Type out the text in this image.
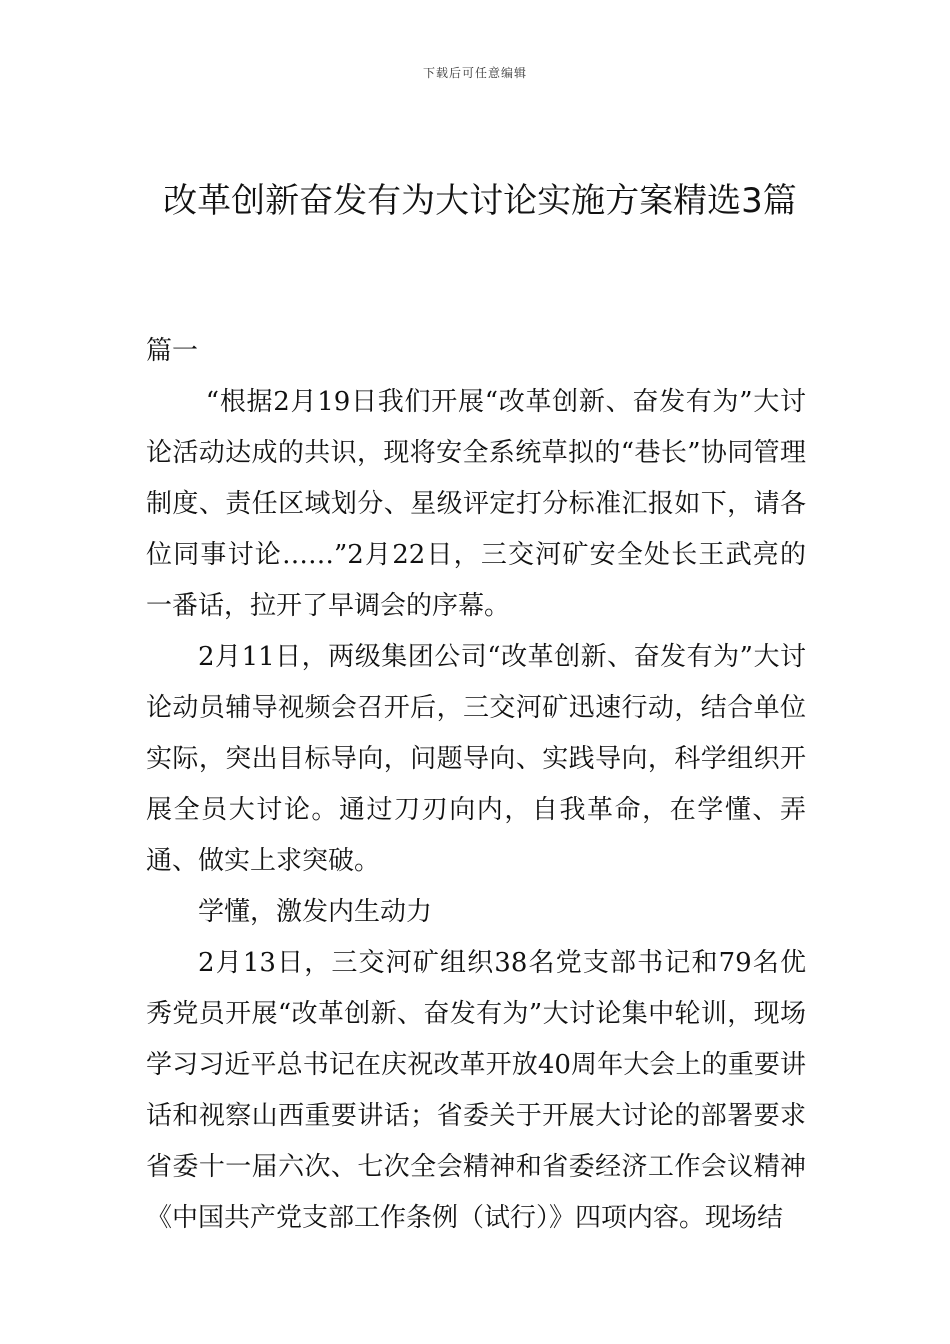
下载后可任意编辑
改革创新奋发有为大讨论实施方案精选3篇

篇一

“根据2月19日我们开展“改革创新、奋发有为”大讨论活动达成的共识，现将安全系统草拟的“巷长”协同管理制度、责任区域划分、星级评定打分标准汇报如下，请各位同事讨论……”2月22日，三交河矿安全处长王武亮的一番话，拉开了早调会的序幕。

2月11日，两级集团公司“改革创新、奋发有为”大讨论动员辅导视频会召开后，三交河矿迅速行动，结合单位实际，突出目标导向，问题导向、实践导向，科学组织开展全员大讨论。通过刀刃向内，自我革命，在学懂、弄通、做实上求突破。

学懂，激发内生动力

2月13日，三交河矿组织38名党支部书记和79名优秀党员开展“改革创新、奋发有为”大讨论集中轮训，现场学习习近平总书记在庆祝改革开放40周年大会上的重要讲话和视察山西重要讲话；省委关于开展大讨论的部署要求省委十一届六次、七次全会精神和省委经济工作会议精神《中国共产党支部工作条例（试行）》四项内容。现场结
